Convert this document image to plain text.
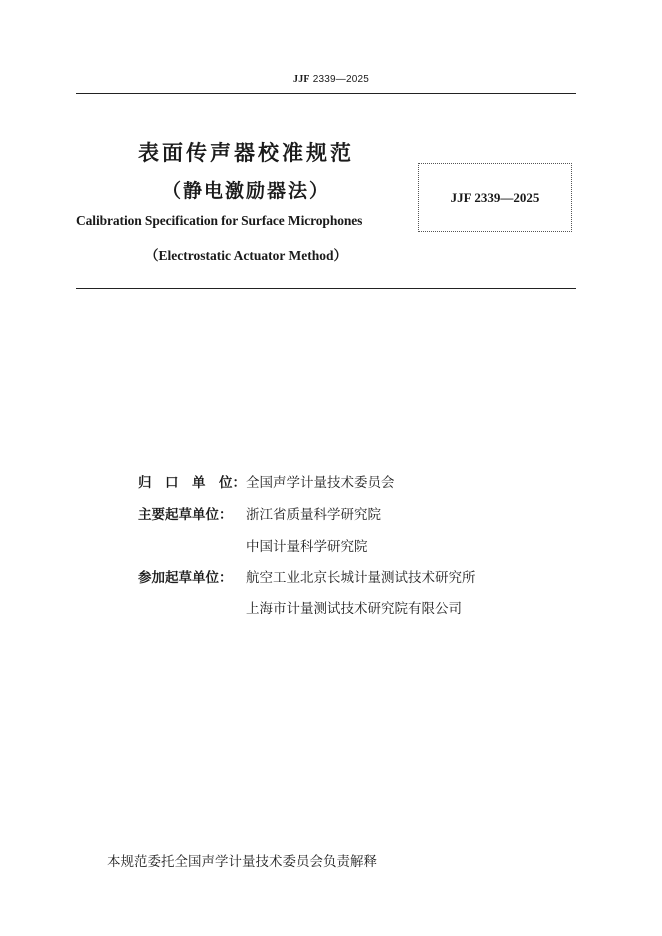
JJF 2339—2025
表面传声器校准规范
（静电激励器法）
Calibration Specification for Surface Microphones
（Electrostatic Actuator Method）
JJF 2339—2025
归　口　单　位：全国声学计量技术委员会
主要起草单位： 浙江省质量科学研究院
中国计量科学研究院
参加起草单位： 航空工业北京长城计量测试技术研究所
上海市计量测试技术研究院有限公司
本规范委托全国声学计量技术委员会负责解释
